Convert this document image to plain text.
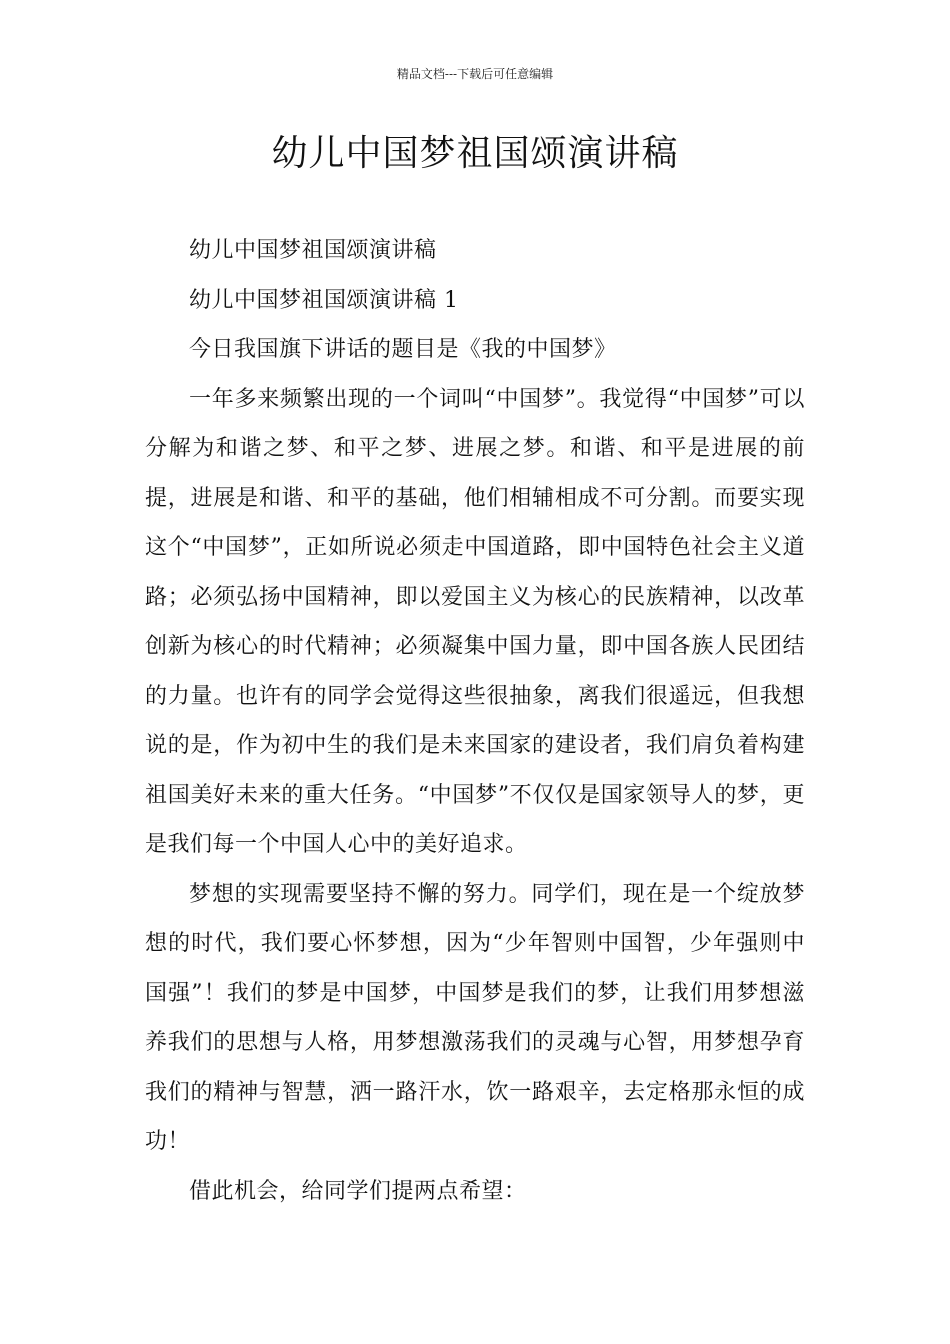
精品文档---下载后可任意编辑
幼儿中国梦祖国颂演讲稿

幼儿中国梦祖国颂演讲稿

幼儿中国梦祖国颂演讲稿 1

今日我国旗下讲话的题目是《我的中国梦》

一年多来频繁出现的一个词叫“中国梦”。我觉得“中国梦”可以分解为和谐之梦、和平之梦、进展之梦。和谐、和平是进展的前提，进展是和谐、和平的基础，他们相辅相成不可分割。而要实现这个“中国梦”，正如所说必须走中国道路，即中国特色社会主义道路；必须弘扬中国精神，即以爱国主义为核心的民族精神，以改革创新为核心的时代精神；必须凝集中国力量，即中国各族人民团结的力量。也许有的同学会觉得这些很抽象，离我们很遥远，但我想说的是，作为初中生的我们是未来国家的建设者，我们肩负着构建祖国美好未来的重大任务。“中国梦”不仅仅是国家领导人的梦，更是我们每一个中国人心中的美好追求。

梦想的实现需要坚持不懈的努力。同学们，现在是一个绽放梦想的时代，我们要心怀梦想，因为“少年智则中国智，少年强则中国强”！我们的梦是中国梦，中国梦是我们的梦，让我们用梦想滋养我们的思想与人格，用梦想激荡我们的灵魂与心智，用梦想孕育我们的精神与智慧，洒一路汗水，饮一路艰辛，去定格那永恒的成功！

借此机会，给同学们提两点希望：
